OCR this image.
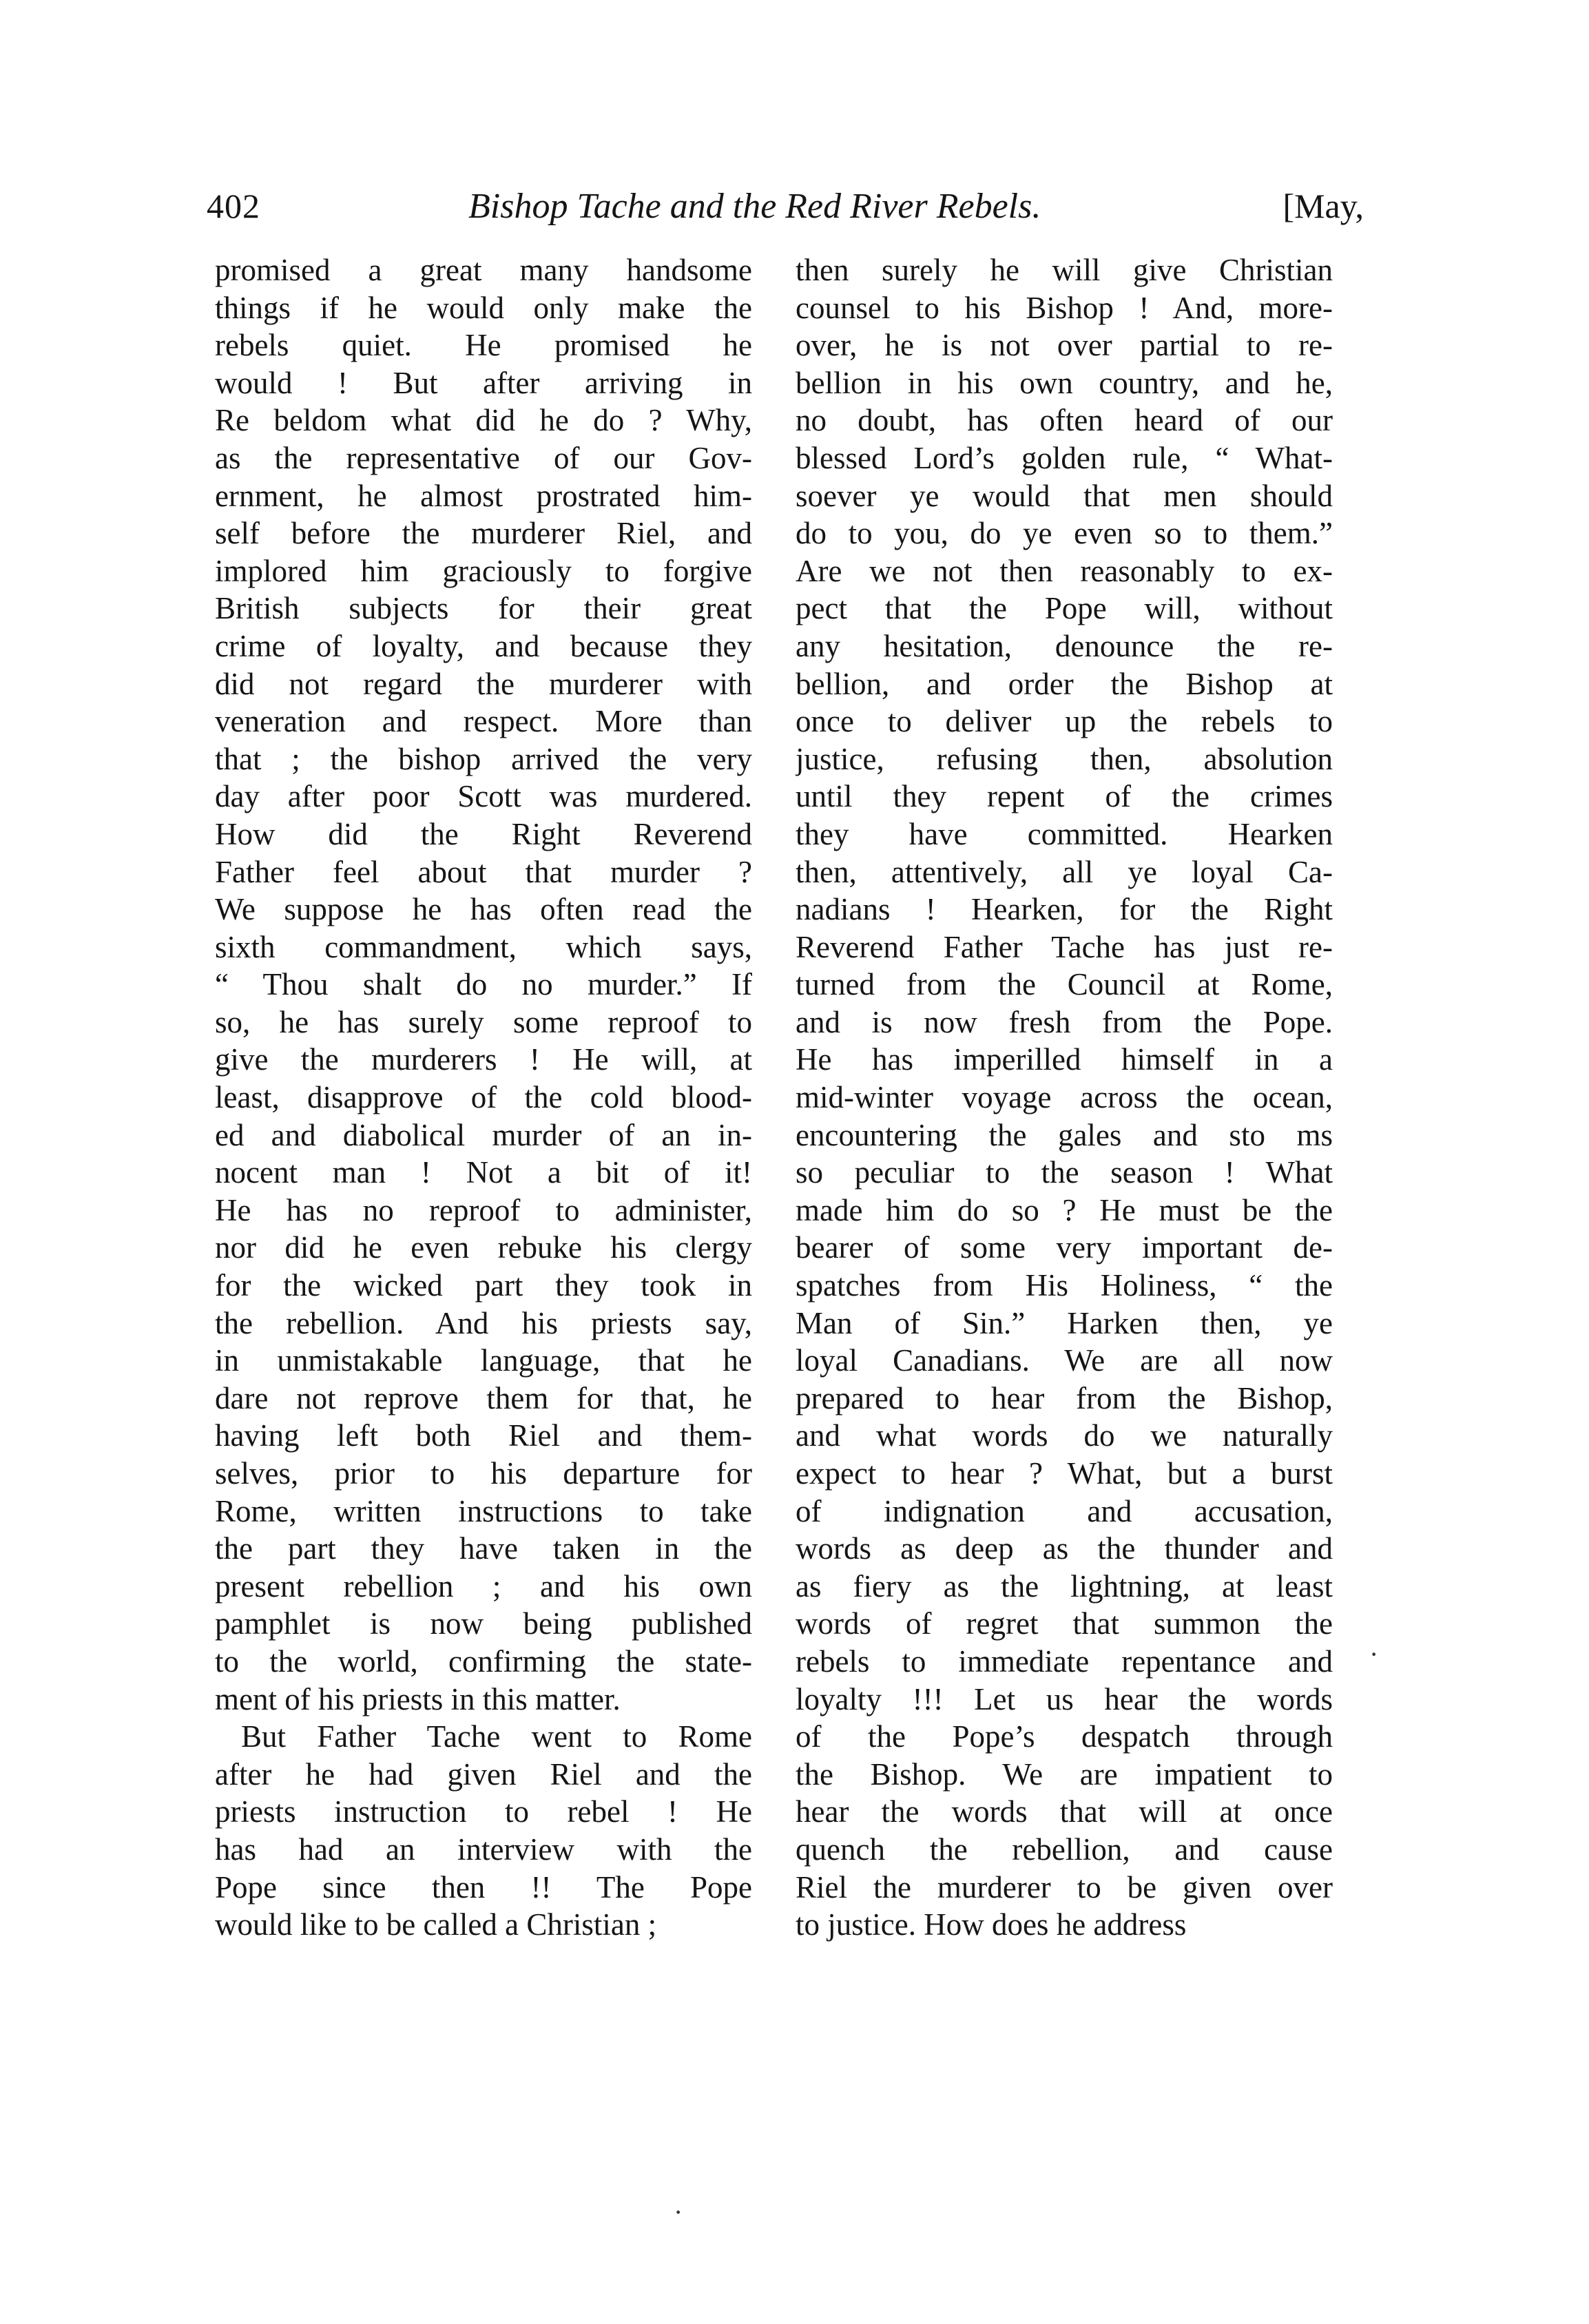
402	Bishop Tache and the Red River Rebels.	[May,
promised a great many handsome
things if he would only make the
rebels quiet. He promised he
would ! But after arriving in
Re beldom what did he do ? Why,
as the representative of our Gov-
ernment, he almost prostrated him-
self before the murderer Riel, and
implored him graciously to forgive
British subjects for their great
crime of loyalty, and because they
did not regard the murderer with
veneration and respect. More than
that ; the bishop arrived the very
day after poor Scott was murdered.
How did the Right Reverend
Father feel about that murder ?
We suppose he has often read the
sixth commandment, which says,
“ Thou shalt do no murder.” If
so, he has surely some reproof to
give the murderers ! He will, at
least, disapprove of the cold blood-
ed and diabolical murder of an in-
nocent man ! Not a bit of it!
He has no reproof to administer,
nor did he even rebuke his clergy
for the wicked part they took in
the rebellion. And his priests say,
in unmistakable language, that he
dare not reprove them for that, he
having left both Riel and them-
selves, prior to his departure for
Rome, written instructions to take
the part they have taken in the
present rebellion ; and his own
pamphlet is now being published
to the world, confirming the state-
ment of his priests in this matter.
But Father Tache went to Rome
after he had given Riel and the
priests instruction to rebel ! He
has had an interview with the
Pope since then !! The Pope
would like to be called a Christian ;
then surely he will give Christian
counsel to his Bishop ! And, more-
over, he is not over partial to re-
bellion in his own country, and he,
no doubt, has often heard of our
blessed Lord’s golden rule, “ What-
soever ye would that men should
do to you, do ye even so to them.”
Are we not then reasonably to ex-
pect that the Pope will, without
any hesitation, denounce the re-
bellion, and order the Bishop at
once to deliver up the rebels to
justice, refusing then, absolution
until they repent of the crimes
they have committed. Hearken
then, attentively, all ye loyal Ca-
nadians ! Hearken, for the Right
Reverend Father Tache has just re-
turned from the Council at Rome,
and is now fresh from the Pope.
He has imperilled himself in a
mid-winter voyage across the ocean,
encountering the gales and sto ms
so peculiar to the season ! What
made him do so ? He must be the
bearer of some very important de-
spatches from His Holiness, “ the
Man of Sin.” Harken then, ye
loyal Canadians. We are all now
prepared to hear from the Bishop,
and what words do we naturally
expect to hear ? What, but a burst
of indignation and accusation,
words as deep as the thunder and
as fiery as the lightning, at least
words of regret that summon the
rebels to immediate repentance and
loyalty !!! Let us hear the words
of the Pope’s despatch through
the Bishop. We are impatient to
hear the words that will at once
quench the rebellion, and cause
Riel the murderer to be given over
to justice. How does he address
·
·
